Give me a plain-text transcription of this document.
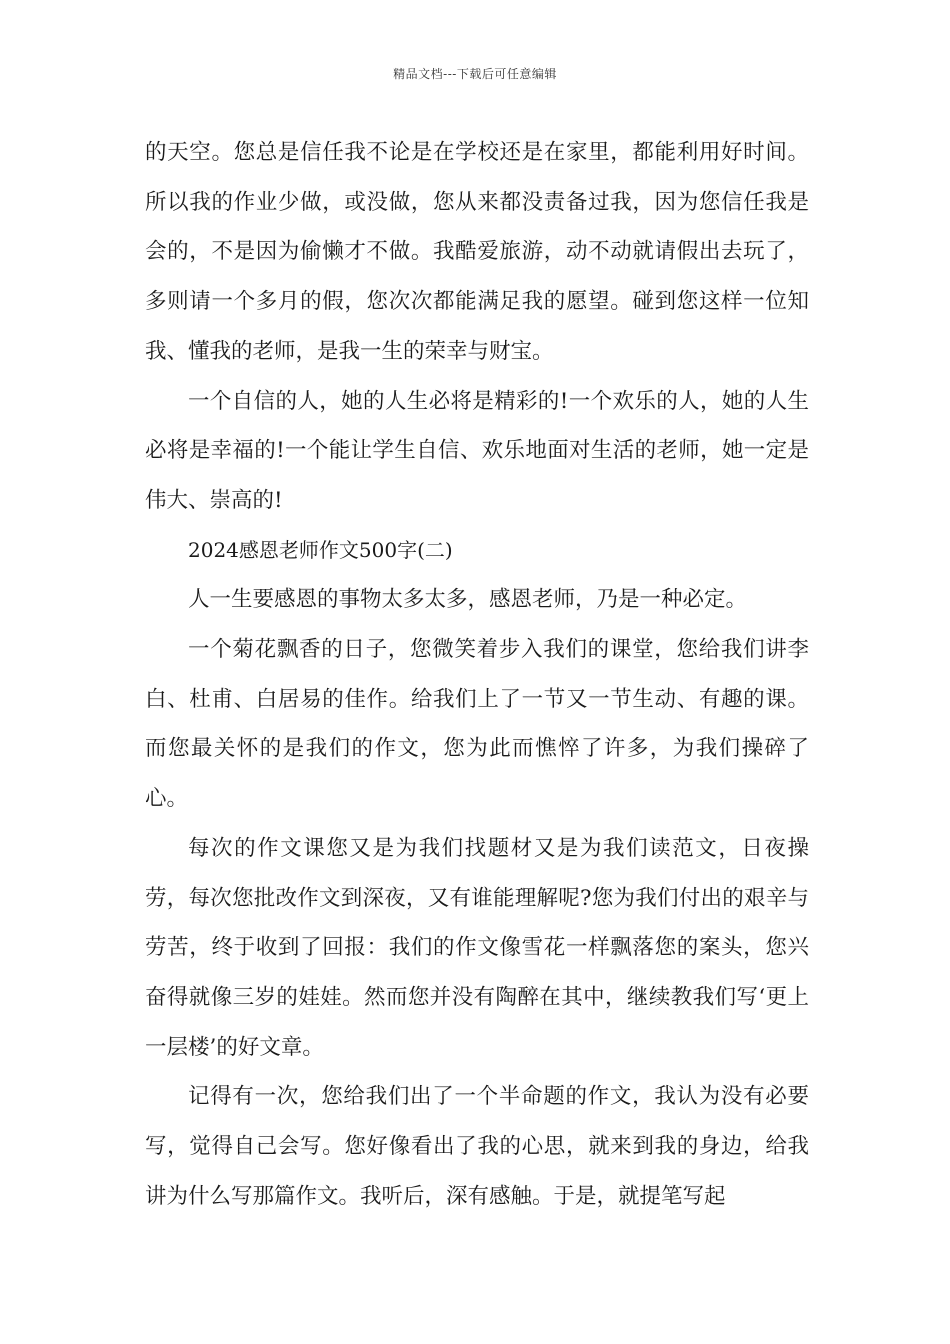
精品文档---下载后可任意编辑

的天空。您总是信任我不论是在学校还是在家里，都能利用好时间。所以我的作业少做，或没做，您从来都没责备过我，因为您信任我是会的，不是因为偷懒才不做。我酷爱旅游，动不动就请假出去玩了，多则请一个多月的假，您次次都能满足我的愿望。碰到您这样一位知我、懂我的老师，是我一生的荣幸与财宝。

一个自信的人，她的人生必将是精彩的!一个欢乐的人，她的人生必将是幸福的!一个能让学生自信、欢乐地面对生活的老师，她一定是伟大、崇高的!

2024感恩老师作文500字(二)

人一生要感恩的事物太多太多，感恩老师，乃是一种必定。

一个菊花飘香的日子，您微笑着步入我们的课堂，您给我们讲李白、杜甫、白居易的佳作。给我们上了一节又一节生动、有趣的课。而您最关怀的是我们的作文，您为此而憔悴了许多，为我们操碎了心。

每次的作文课您又是为我们找题材又是为我们读范文，日夜操劳，每次您批改作文到深夜，又有谁能理解呢?您为我们付出的艰辛与劳苦，终于收到了回报：我们的作文像雪花一样飘落您的案头，您兴奋得就像三岁的娃娃。然而您并没有陶醉在其中，继续教我们写‘更上一层楼’的好文章。

记得有一次，您给我们出了一个半命题的作文，我认为没有必要写，觉得自己会写。您好像看出了我的心思，就来到我的身边，给我讲为什么写那篇作文。我听后，深有感触。于是，就提笔写起
